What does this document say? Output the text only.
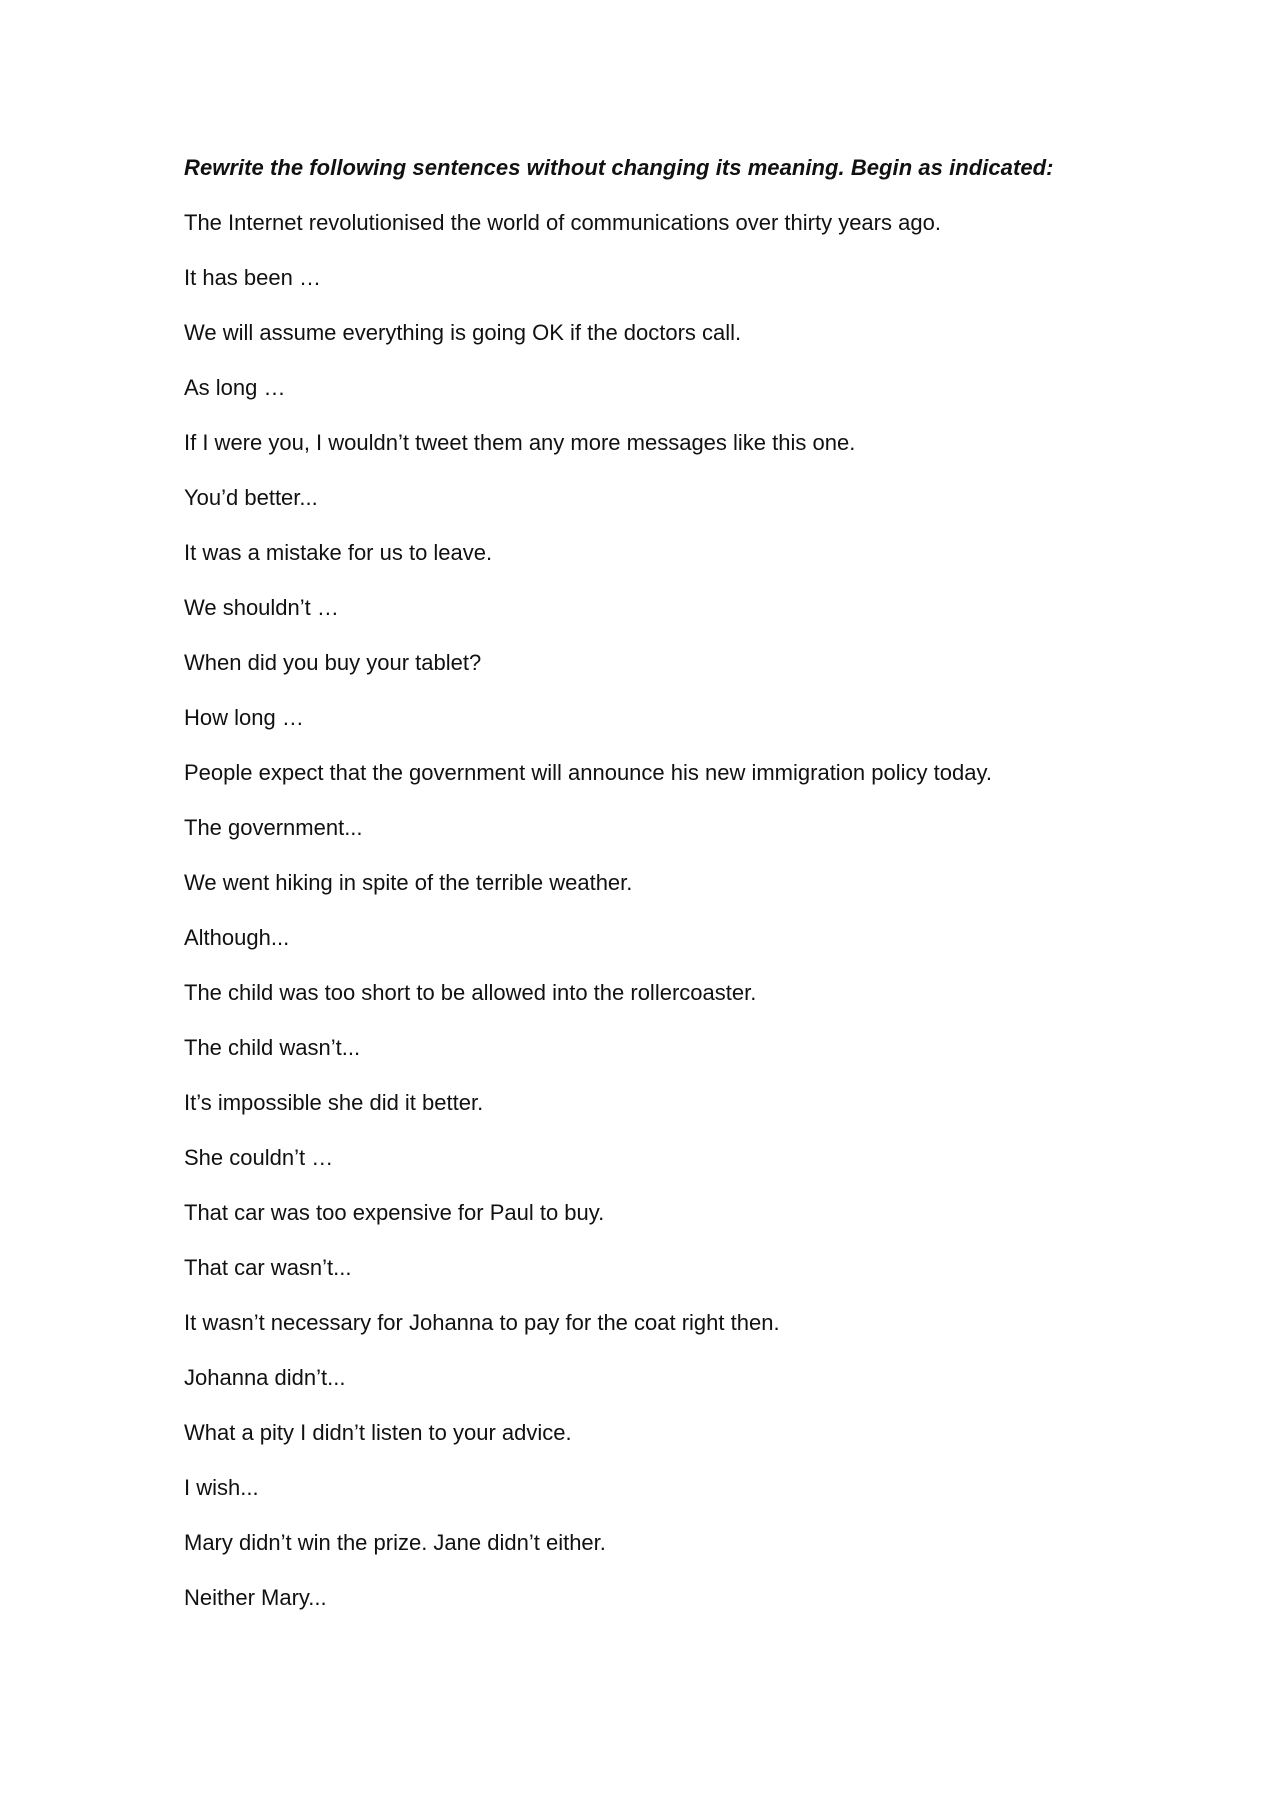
Rewrite the following sentences without changing its meaning. Begin as indicated:

The Internet revolutionised the world of communications over thirty years ago.
It has been …
We will assume everything is going OK if the doctors call.
As long …
If I were you, I wouldn’t tweet them any more messages like this one.
You’d better...
It was a mistake for us to leave.
We shouldn’t …
When did you buy your tablet?
How long …
People expect that the government will announce his new immigration policy today.
The government...
We went hiking in spite of the terrible weather.
Although...
The child was too short to be allowed into the rollercoaster.
The child wasn’t...
It’s impossible she did it better.
She couldn’t …
That car was too expensive for Paul to buy.
That car wasn’t...
It wasn’t necessary for Johanna to pay for the coat right then.
Johanna didn’t...
What a pity I didn’t listen to your advice.
I wish...
Mary didn’t win the prize. Jane didn’t either.
Neither Mary...
